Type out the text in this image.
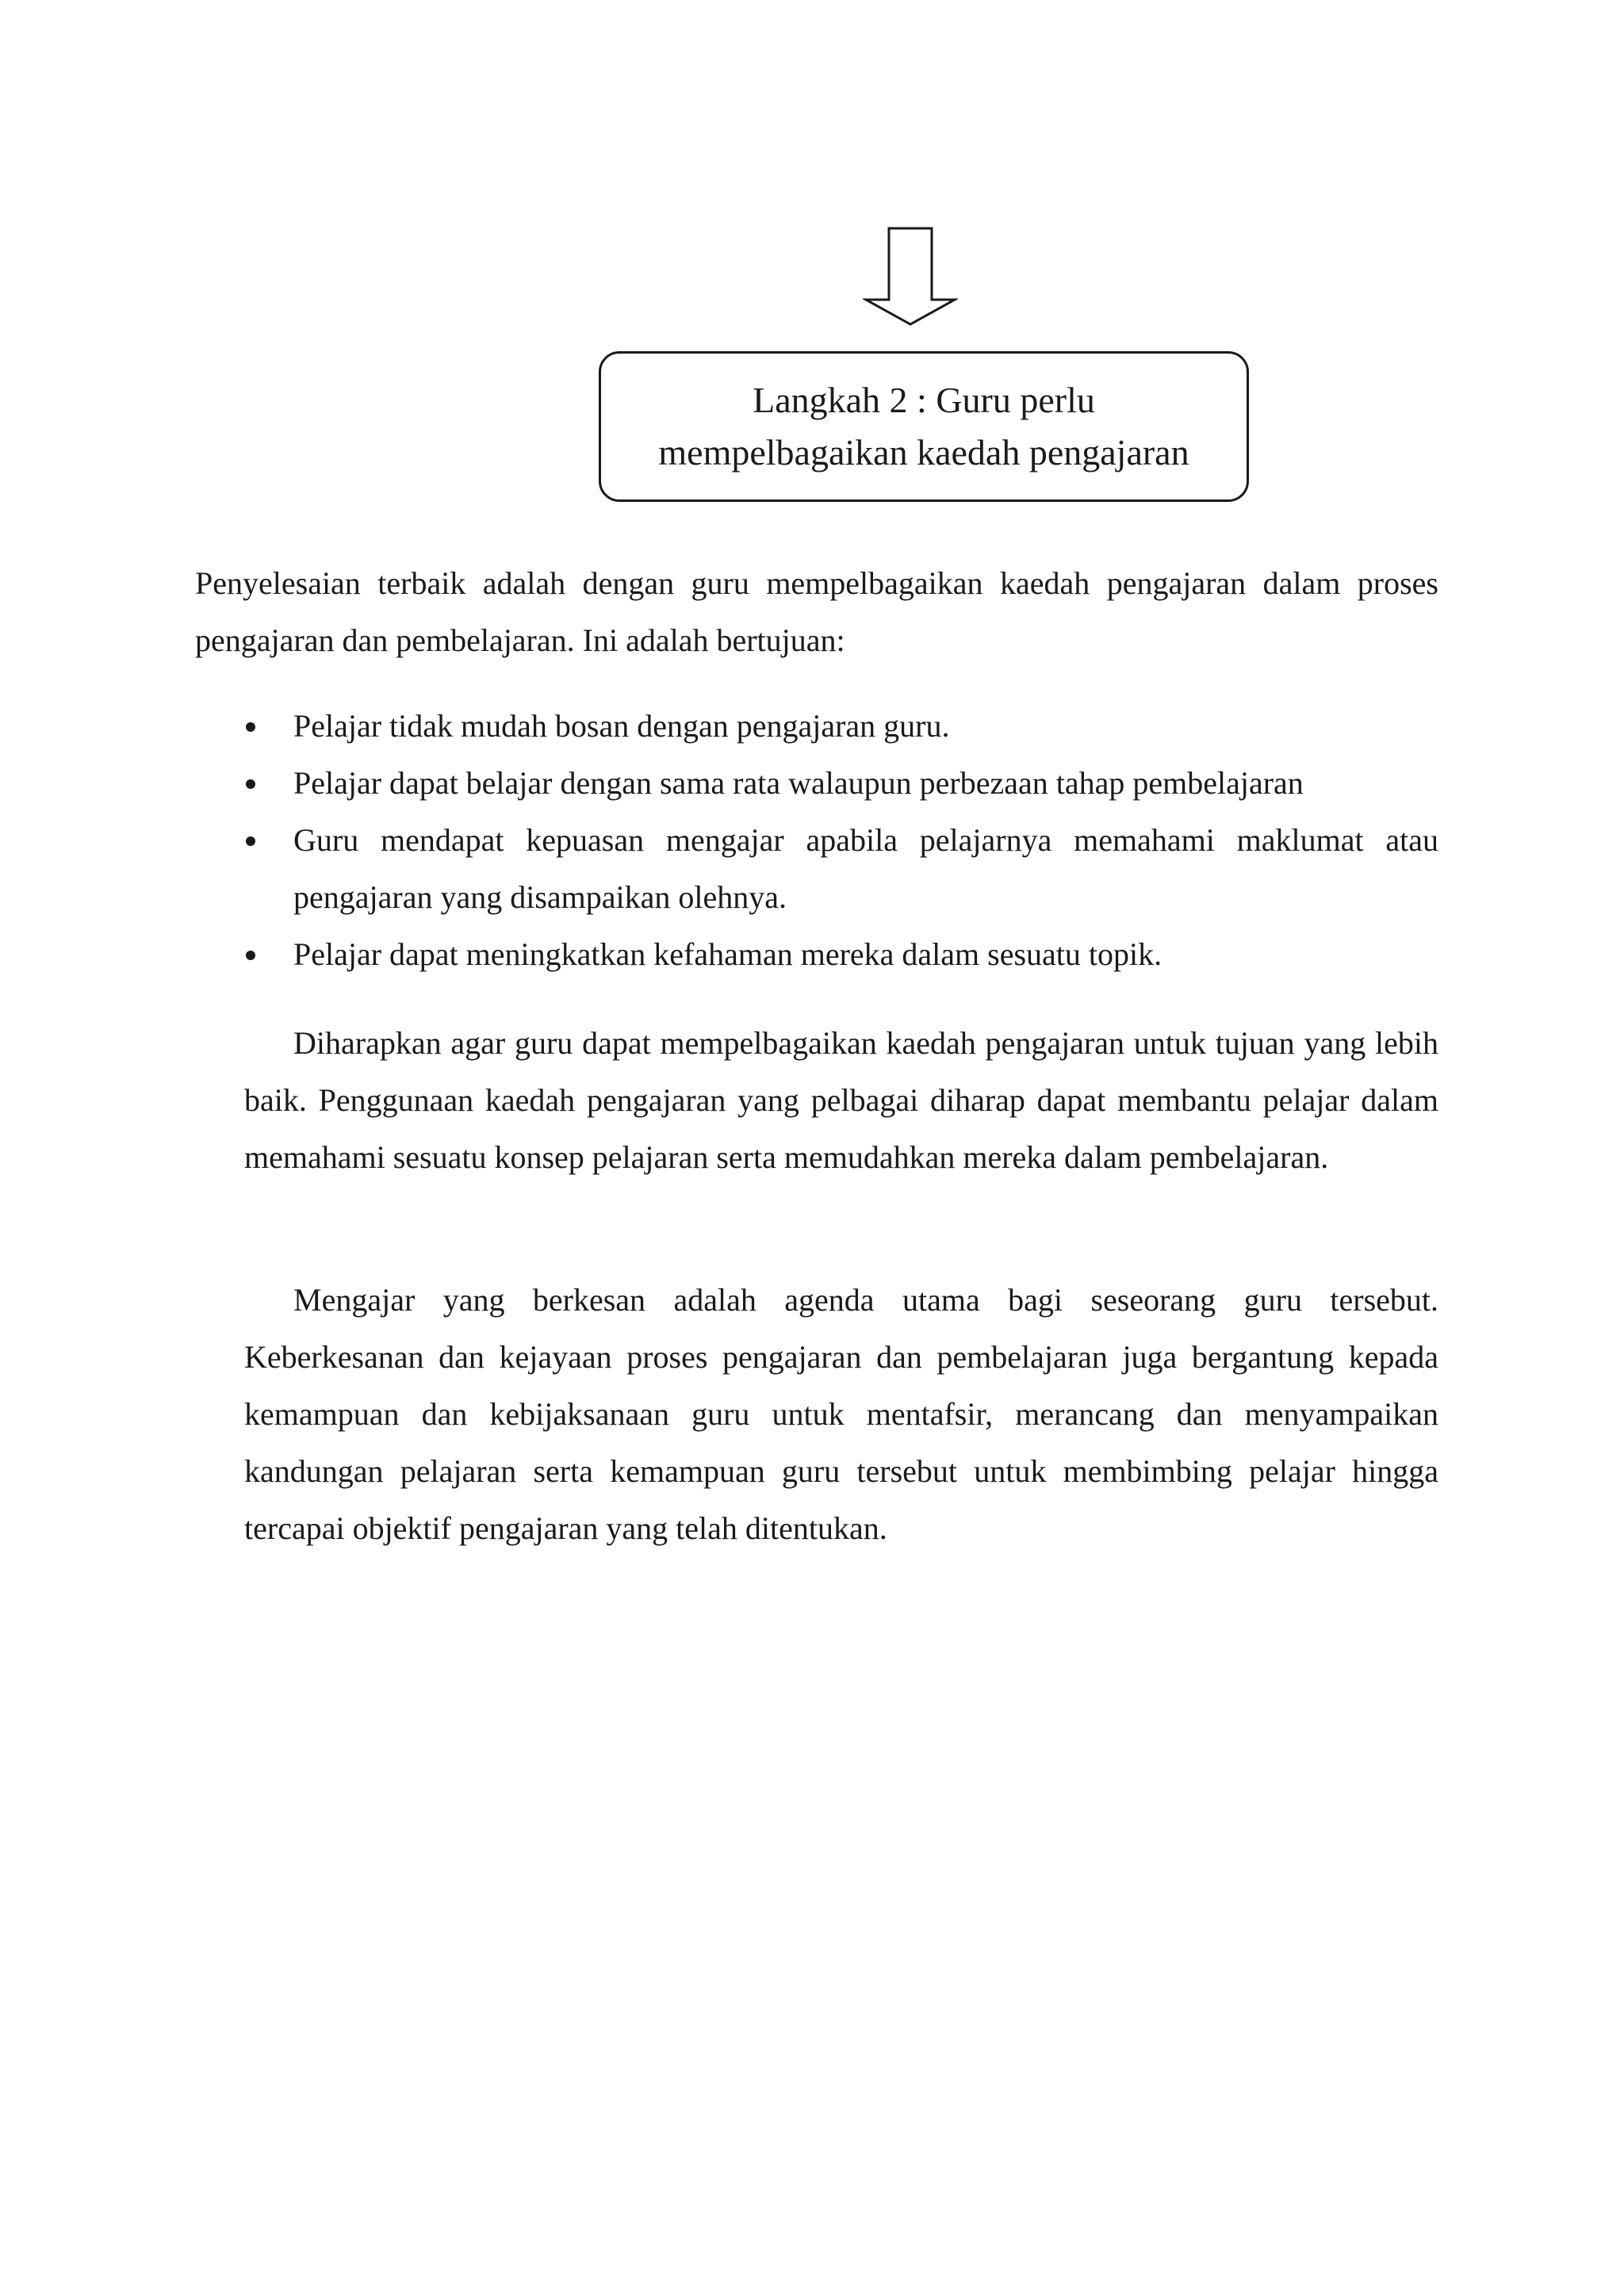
Langkah 2 : Guru perlu
mempelbagaikan kaedah pengajaran

Penyelesaian terbaik adalah dengan guru mempelbagaikan kaedah pengajaran dalam proses pengajaran dan pembelajaran. Ini adalah bertujuan:

Pelajar tidak mudah bosan dengan pengajaran guru.
Pelajar dapat belajar dengan sama rata walaupun perbezaan tahap pembelajaran
Guru mendapat kepuasan mengajar apabila pelajarnya memahami maklumat atau pengajaran yang disampaikan olehnya.
Pelajar dapat meningkatkan kefahaman mereka dalam sesuatu topik.

Diharapkan agar guru dapat mempelbagaikan kaedah pengajaran untuk tujuan yang lebih baik. Penggunaan kaedah pengajaran yang pelbagai diharap dapat membantu pelajar dalam memahami sesuatu konsep pelajaran serta memudahkan mereka dalam pembelajaran.

Mengajar yang berkesan adalah agenda utama bagi seseorang guru tersebut. Keberkesanan dan kejayaan proses pengajaran dan pembelajaran juga bergantung kepada kemampuan dan kebijaksanaan guru untuk mentafsir, merancang dan menyampaikan kandungan pelajaran serta kemampuan guru tersebut untuk membimbing pelajar hingga tercapai objektif pengajaran yang telah ditentukan.
